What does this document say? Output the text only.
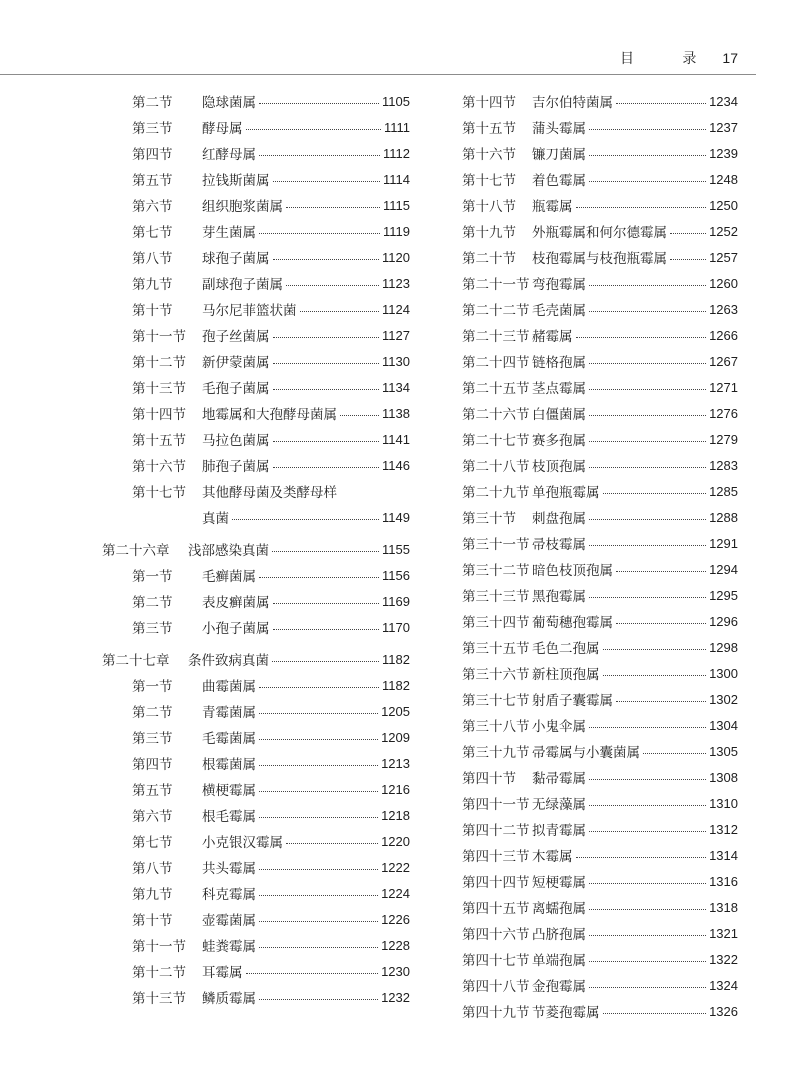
目 录 17
第二节	隐球菌属	1105
第三节	酵母属	1111
第四节	红酵母属	1112
第五节	拉钱斯菌属	1114
第六节	组织胞浆菌属	1115
第七节	芽生菌属	1119
第八节	球孢子菌属	1120
第九节	副球孢子菌属	1123
第十节	马尔尼菲篮状菌	1124
第十一节	孢子丝菌属	1127
第十二节	新伊蒙菌属	1130
第十三节	毛孢子菌属	1134
第十四节	地霉属和大孢酵母菌属	1138
第十五节	马拉色菌属	1141
第十六节	肺孢子菌属	1146
第十七节	其他酵母菌及类酵母样
真菌	1149
第二十六章	浅部感染真菌	1155
第一节	毛癣菌属	1156
第二节	表皮癣菌属	1169
第三节	小孢子菌属	1170
第二十七章	条件致病真菌	1182
第一节	曲霉菌属	1182
第二节	青霉菌属	1205
第三节	毛霉菌属	1209
第四节	根霉菌属	1213
第五节	横梗霉属	1216
第六节	根毛霉属	1218
第七节	小克银汉霉属	1220
第八节	共头霉属	1222
第九节	科克霉属	1224
第十节	壶霉菌属	1226
第十一节	蛙粪霉属	1228
第十二节	耳霉属	1230
第十三节	鳞质霉属	1232
第十四节	吉尔伯特菌属	1234
第十五节	蒲头霉属	1237
第十六节	镰刀菌属	1239
第十七节	着色霉属	1248
第十八节	瓶霉属	1250
第十九节	外瓶霉属和何尔德霉属	1252
第二十节	枝孢霉属与枝孢瓶霉属	1257
第二十一节 弯孢霉属	1260
第二十二节 毛壳菌属	1263
第二十三节 赭霉属	1266
第二十四节 链格孢属	1267
第二十五节 茎点霉属	1271
第二十六节 白僵菌属	1276
第二十七节 赛多孢属	1279
第二十八节 枝顶孢属	1283
第二十九节 单孢瓶霉属	1285
第三十节	刺盘孢属	1288
第三十一节 帚枝霉属	1291
第三十二节 暗色枝顶孢属	1294
第三十三节 黑孢霉属	1295
第三十四节 葡萄穗孢霉属	1296
第三十五节 毛色二孢属	1298
第三十六节 新柱顶孢属	1300
第三十七节 射盾子囊霉属	1302
第三十八节 小鬼伞属	1304
第三十九节 帚霉属与小囊菌属	1305
第四十节	黏帚霉属	1308
第四十一节 无绿藻属	1310
第四十二节 拟青霉属	1312
第四十三节 木霉属	1314
第四十四节 短梗霉属	1316
第四十五节 离蠕孢属	1318
第四十六节 凸脐孢属	1321
第四十七节 单端孢属	1322
第四十八节 金孢霉属	1324
第四十九节 节菱孢霉属	1326
